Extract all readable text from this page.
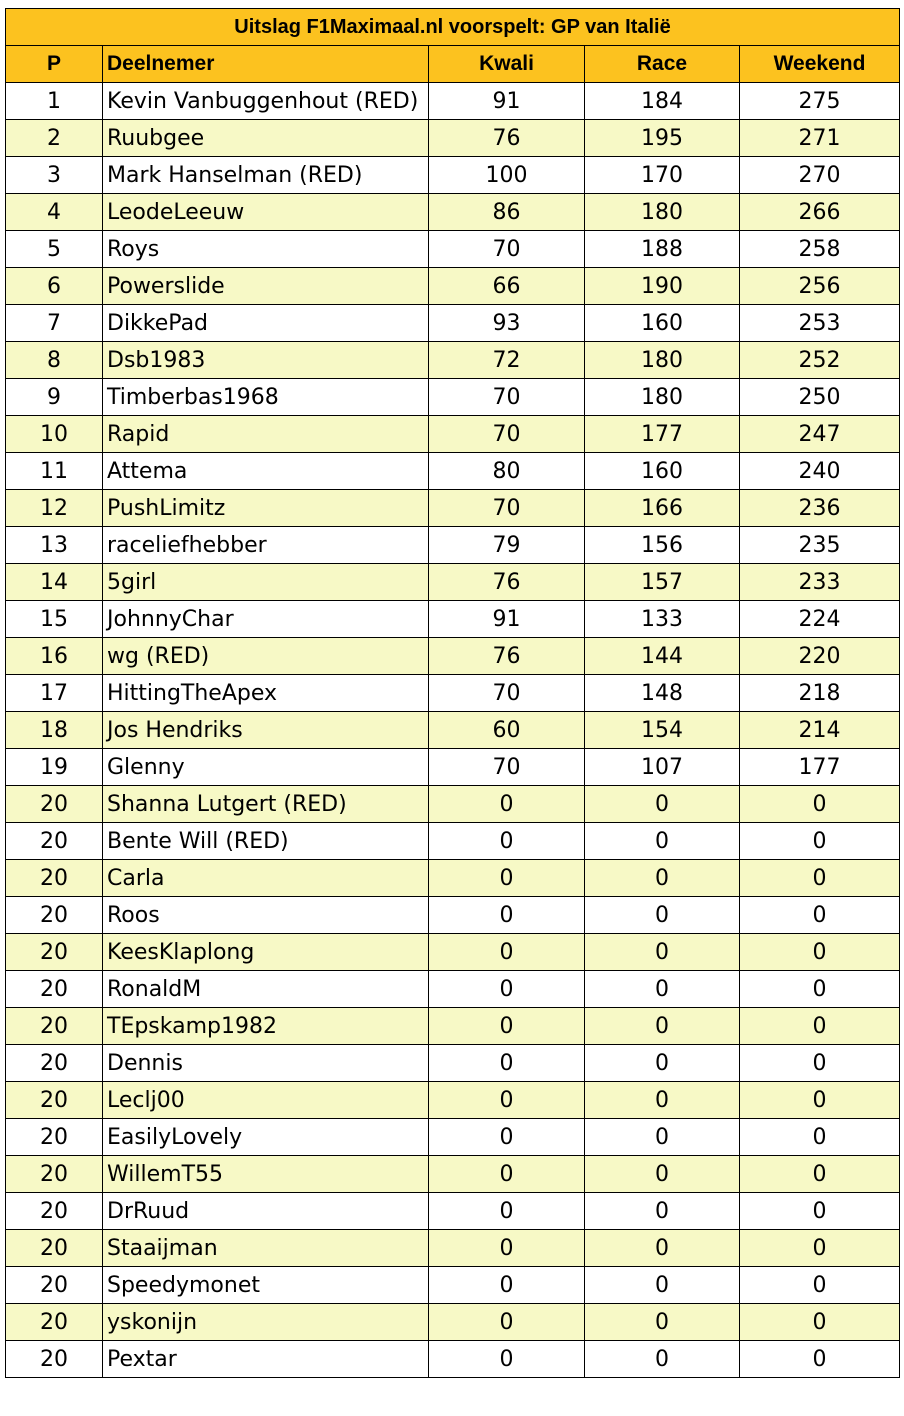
Uitslag F1Maximaal.nl voorspelt: GP van Italië				
P	Deelnemer	Kwali	Race	Weekend
1	Kevin Vanbuggenhout (RED)	91	184	275
2	Ruubgee	76	195	271
3	Mark Hanselman (RED)	100	170	270
4	LeodeLeeuw	86	180	266
5	Roys	70	188	258
6	Powerslide	66	190	256
7	DikkePad	93	160	253
8	Dsb1983	72	180	252
9	Timberbas1968	70	180	250
10	Rapid	70	177	247
11	Attema	80	160	240
12	PushLimitz	70	166	236
13	raceliefhebber	79	156	235
14	5girl	76	157	233
15	JohnnyChar	91	133	224
16	wg (RED)	76	144	220
17	HittingTheApex	70	148	218
18	Jos Hendriks	60	154	214
19	Glenny	70	107	177
20	Shanna Lutgert (RED)	0	0	0
20	Bente Will (RED)	0	0	0
20	Carla	0	0	0
20	Roos	0	0	0
20	KeesKlaplong	0	0	0
20	RonaldM	0	0	0
20	TEpskamp1982	0	0	0
20	Dennis	0	0	0
20	Leclj00	0	0	0
20	EasilyLovely	0	0	0
20	WillemT55	0	0	0
20	DrRuud	0	0	0
20	Staaijman	0	0	0
20	Speedymonet	0	0	0
20	yskonijn	0	0	0
20	Pextar	0	0	0
